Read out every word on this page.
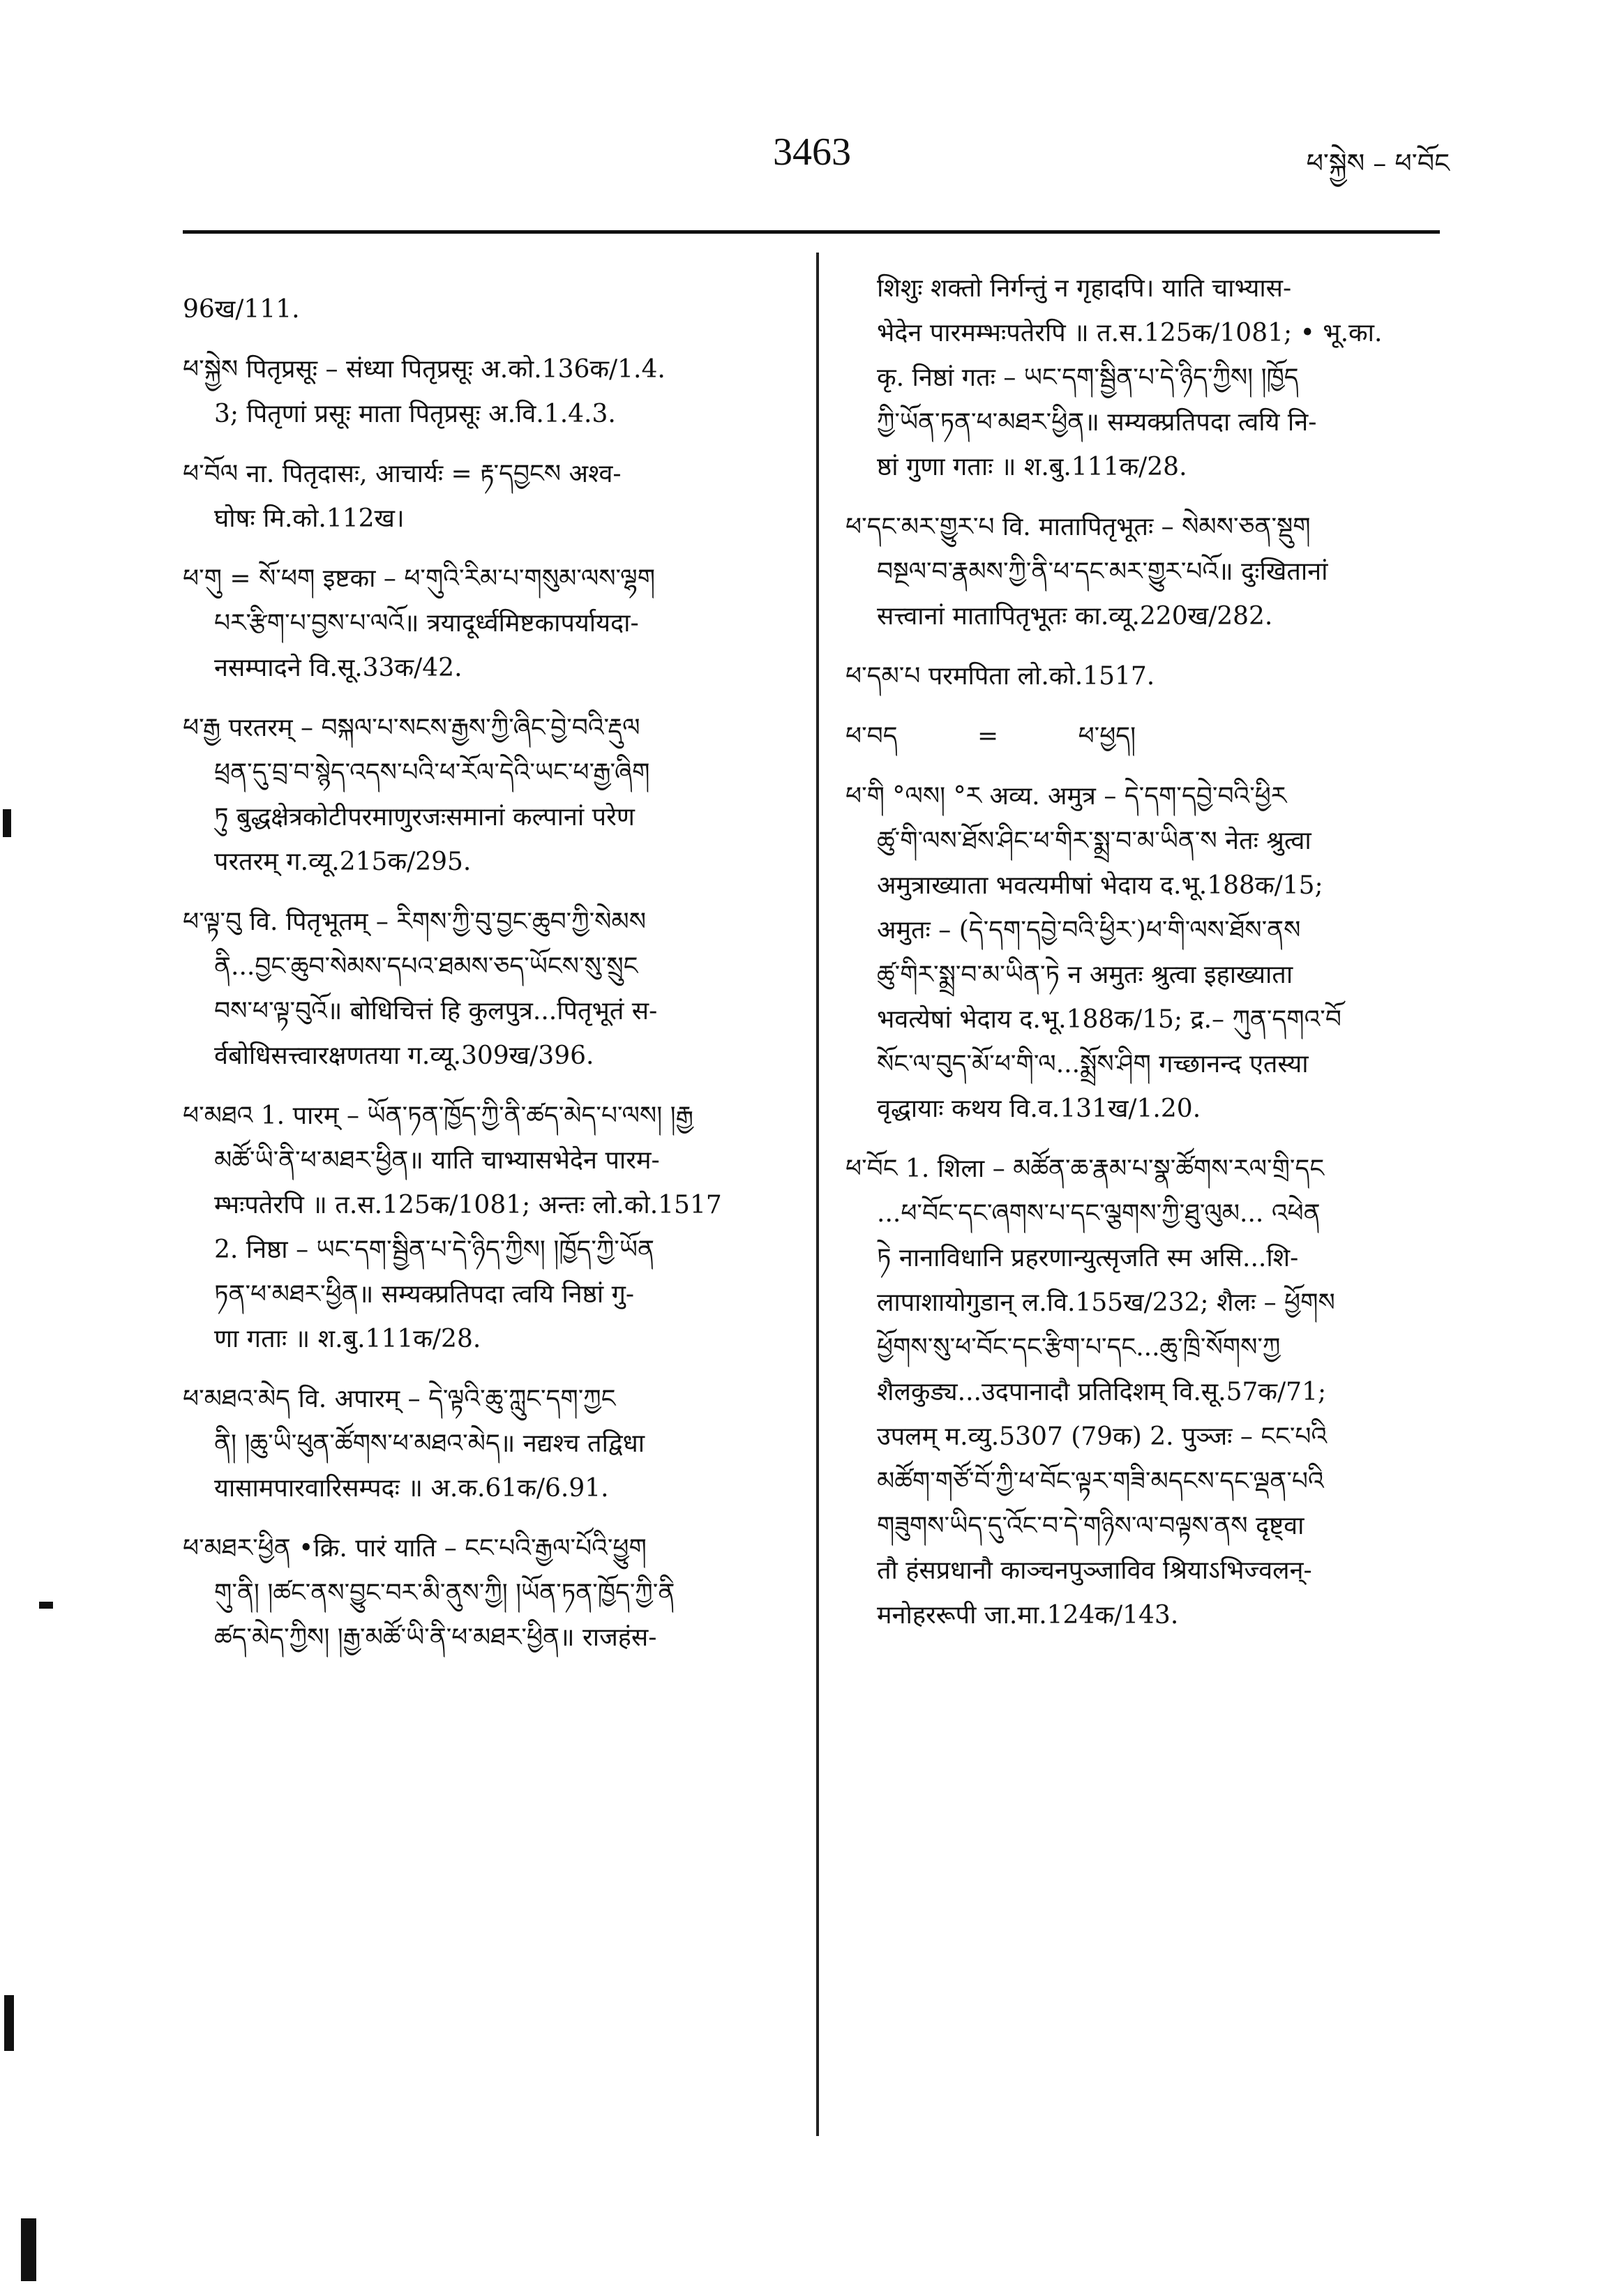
3463	ཕ་སྐྱེས – ཕ་བོང
96ख/111.
ཕ་སྐྱེས पितृप्रसूः – संध्या पितृप्रसूः अ.को.136क/1.4.
3; पितृणां प्रसूः माता पितृप्रसूः अ.वि.1.4.3.
ཕ་བོལ ना. पितृदासः, आचार्यः = རྟ་དབྱངས अश्व-
घोषः मि.को.112ख।
ཕ་གུ = སོ་ཕག इष्टका – ཕ་གུའི་རིམ་པ་གསུམ་ལས་ལྷག
པར་རྩིག་པ་བྱས་པ་ལའོ॥ त्रयादूर्ध्वमिष्टकापर्यायदा-
नसम्पादने वि.सू.33क/42.
ཕ་རྒྱ परतरम् – བསྐལ་པ་སངས་རྒྱས་ཀྱི་ཞིང་བྱེ་བའི་རྡུལ
ཕྲན་དུ་བྲ་བ་སྙེད་འདས་པའི་ཕ་རོལ་དེའི་ཡང་ཕ་རྒྱ་ཞིག
ཏུ बुद्धक्षेत्रकोटीपरमाणुरजःसमानां कल्पानां परेण
परतरम् ग.व्यू.215क/295.
ཕ་ལྟ་བུ वि. पितृभूतम् – རིགས་ཀྱི་བུ་བྱང་ཆུབ་ཀྱི་སེམས
ནི...བྱང་ཆུབ་སེམས་དཔའ་ཐམས་ཅད་ཡོངས་སུ་སྲུང
བས་ཕ་ལྟ་བུའོ॥ बोधिचित्तं हि कुलपुत्र...पितृभूतं स-
र्वबोधिसत्त्वारक्षणतया ग.व्यू.309ख/396.
ཕ་མཐའ 1. पारम् – ཡོན་ཏན་ཁྱོད་ཀྱི་ནི་ཚད་མེད་པ་ལས། །རྒྱ
མཚོ་ཡི་ནི་ཕ་མཐར་ཕྱིན॥ याति चाभ्यासभेदेन पारम-
म्भःपतेरपि ॥ त.स.125क/1081; अन्तः लो.को.1517
2. निष्ठा – ཡང་དག་སྦྱིན་པ་དེ་ཉིད་ཀྱིས། །ཁྱོད་ཀྱི་ཡོན
ཏན་ཕ་མཐར་ཕྱིན॥ सम्यक्प्रतिपदा त्वयि निष्ठां गु-
णा गताः ॥ श.बु.111क/28.
ཕ་མཐའ་མེད वि. अपारम् – དེ་ལྟའི་ཆུ་ཀླུང་དག་ཀྱང
ནི། །ཆུ་ཡི་ཕུན་ཚོགས་ཕ་མཐའ་མེད॥ नद्यश्च तद्विधा
यासामपारवारिसम्पदः ॥ अ.क.61क/6.91.
ཕ་མཐར་ཕྱིན •क्रि. पारं याति – ངང་པའི་རྒྱལ་པོའི་ཕྱུག
གུ་ནི། །ཚང་ནས་བྱུང་བར་མི་ནུས་ཀྱི། །ཡོན་ཏན་ཁྱོད་ཀྱི་ནི
ཚད་མེད་ཀྱིས། །རྒྱ་མཚོ་ཡི་ནི་ཕ་མཐར་ཕྱིན॥ राजहंस-
शिशुः शक्तो निर्गन्तुं न गृहादपि। याति चाभ्यास-
भेदेन पारमम्भःपतेरपि ॥ त.स.125क/1081; • भू.का.
कृ. निष्ठां गतः – ཡང་དག་སྦྱིན་པ་དེ་ཉིད་ཀྱིས། །ཁྱོད
ཀྱི་ཡོན་ཏན་ཕ་མཐར་ཕྱིན॥ सम्यक्प्रतिपदा त्वयि नि-
ष्ठां गुणा गताः ॥ श.बु.111क/28.
ཕ་དང་མར་གྱུར་པ वि. मातापितृभूतः – སེམས་ཅན་སྡུག
བསྔལ་བ་རྣམས་ཀྱི་ནི་ཕ་དང་མར་གྱུར་པའོ॥ दुःखितानां
सत्त्वानां मातापितृभूतः का.व्यू.220ख/282.
ཕ་དམ་པ परमपिता लो.को.1517.
ཕ་བད          =          ཕ་ཕྱད།
ཕ་གི °ལས། °ར अव्य. अमुत्र – དེ་དག་དབྱེ་བའི་ཕྱིར
ཚུ་གི་ལས་ཐོས་ཤིང་ཕ་གིར་སྨྲ་བ་མ་ཡིན་ས नेतः श्रुत्वा
अमुत्राख्याता भवत्यमीषां भेदाय द.भू.188क/15;
अमुतः – (དེ་དག་དབྱེ་བའི་ཕྱིར་)ཕ་གི་ལས་ཐོས་ནས
ཚུ་གིར་སྨྲ་བ་མ་ཡིན་ཏེ न अमुतः श्रुत्वा इहाख्याता
भवत्येषां भेदाय द.भू.188क/15; द्र.– ཀུན་དགའ་བོ
སོང་ལ་བུད་མོ་ཕ་གི་ལ...སྨྲོས་ཤིག गच्छानन्द एतस्या
वृद्धायाः कथय वि.व.131ख/1.20.
ཕ་བོང 1. शिला – མཚོན་ཆ་རྣམ་པ་སྣ་ཚོགས་རལ་གྲི་དང
...ཕ་བོང་དང་ཞགས་པ་དང་ལྕགས་ཀྱི་ཐུ་ལུམ... འཕེན
ཏེ नानाविधानि प्रहरणान्युत्सृजति स्म असि...शि-
लापाशायोगुडान् ल.वि.155ख/232; शैलः – ཕྱོགས
ཕྱོགས་སུ་ཕ་བོང་དང་རྩིག་པ་དང...ཆུ་ཁྲི་སོགས་ཀྱ
शैलकुड्य...उदपानादौ प्रतिदिशम् वि.सू.57क/71;
उपलम् म.व्यु.5307 (79क) 2. पुञ्जः – ངང་པའི
མཚོག་གཙོ་བོ་ཀྱི་ཕ་བོང་ལྟར་གཟི་མདངས་དང་ལྡན་པའི
གཟུགས་ཡིད་དུ་འོང་བ་དེ་གཉིས་ལ་བལྟས་ནས दृष्ट्वा
तौ हंसप्रधानौ काञ्चनपुञ्जाविव श्रियाऽभिज्वलन्-
मनोहररूपी जा.मा.124क/143.
